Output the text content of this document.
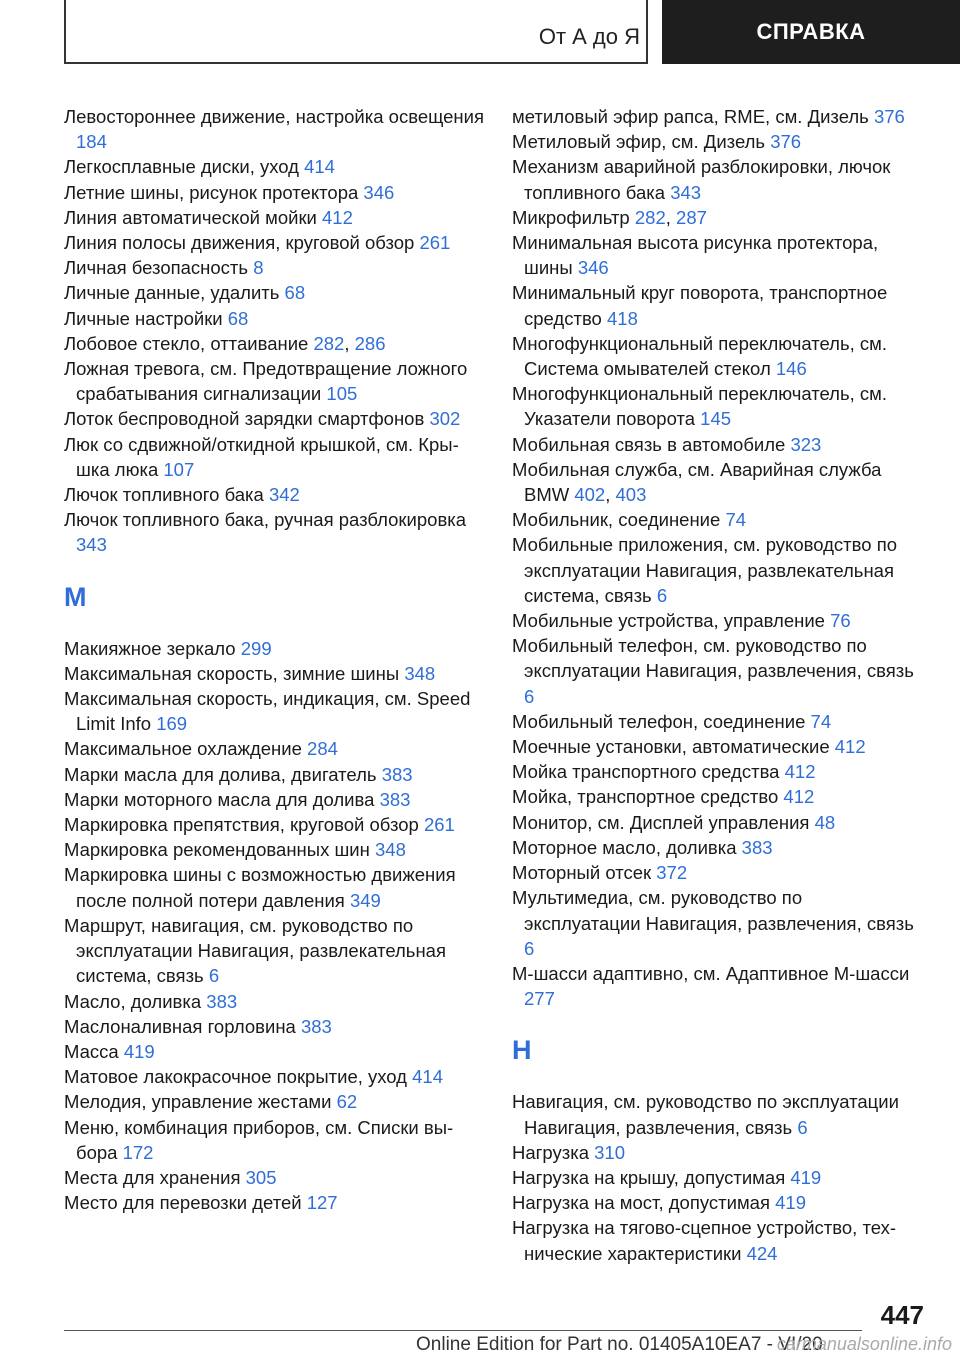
От А до Я	СПРАВКА
Левостороннее движение, настройка освещения 184
Легкосплавные диски, уход 414
Летние шины, рисунок протектора 346
Линия автоматической мойки 412
Линия полосы движения, круговой обзор 261
Личная безопасность 8
Личные данные, удалить 68
Личные настройки 68
Лобовое стекло, оттаивание 282, 286
Ложная тревога, см. Предотвращение ложного срабатывания сигнализации 105
Лоток беспроводной зарядки смартфонов 302
Люк со сдвижной/откидной крышкой, см. Крышка люка 107
Лючок топливного бака 342
Лючок топливного бака, ручная разблокировка 343
М
Макияжное зеркало 299
Максимальная скорость, зимние шины 348
Максимальная скорость, индикация, см. Speed Limit Info 169
Максимальное охлаждение 284
Марки масла для долива, двигатель 383
Марки моторного масла для долива 383
Маркировка препятствия, круговой обзор 261
Маркировка рекомендованных шин 348
Маркировка шины с возможностью движения после полной потери давления 349
Маршрут, навигация, см. руководство по эксплуатации Навигация, развлекательная система, связь 6
Масло, доливка 383
Маслоналивная горловина 383
Масса 419
Матовое лакокрасочное покрытие, уход 414
Мелодия, управление жестами 62
Меню, комбинация приборов, см. Списки выбора 172
Места для хранения 305
Место для перевозки детей 127
метиловый эфир рапса, RME, см. Дизель 376
Метиловый эфир, см. Дизель 376
Механизм аварийной разблокировки, лючок топливного бака 343
Микрофильтр 282, 287
Минимальная высота рисунка протектора, шины 346
Минимальный круг поворота, транспортное средство 418
Многофункциональный переключатель, см. Система омывателей стекол 146
Многофункциональный переключатель, см. Указатели поворота 145
Мобильная связь в автомобиле 323
Мобильная служба, см. Аварийная служба BMW 402, 403
Мобильник, соединение 74
Мобильные приложения, см. руководство по эксплуатации Навигация, развлекательная система, связь 6
Мобильные устройства, управление 76
Мобильный телефон, см. руководство по эксплуатации Навигация, развлечения, связь 6
Мобильный телефон, соединение 74
Моечные установки, автоматические 412
Мойка транспортного средства 412
Мойка, транспортное средство 412
Монитор, см. Дисплей управления 48
Моторное масло, доливка 383
Моторный отсек 372
Мультимедиа, см. руководство по эксплуатации Навигация, развлечения, связь 6
М-шасси адаптивно, см. Адаптивное М-шасси 277
Н
Навигация, см. руководство по эксплуатации Навигация, развлечения, связь 6
Нагрузка 310
Нагрузка на крышу, допустимая 419
Нагрузка на мост, допустимая 419
Нагрузка на тягово-сцепное устройство, технические характеристики 424
447
Online Edition for Part no. 01405A10EA7 - VI/20
carmanualsonline.info
